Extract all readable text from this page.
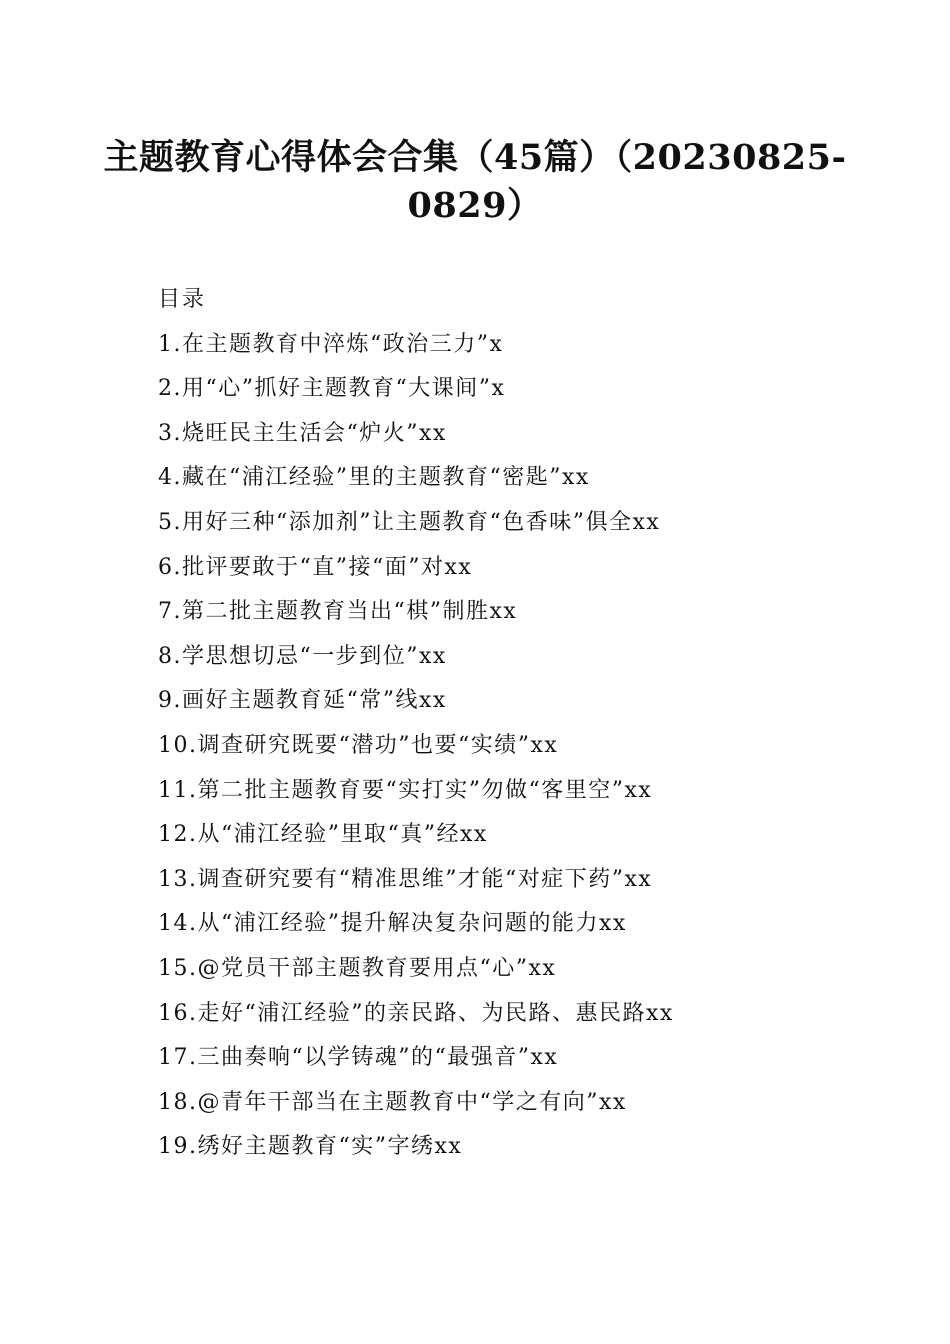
主题教育心得体会合集（45篇）（20230825-0829）
目录
1.在主题教育中淬炼“政治三力”x
2.用“心”抓好主题教育“大课间”x
3.烧旺民主生活会“炉火”xx
4.藏在“浦江经验”里的主题教育“密匙”xx
5.用好三种“添加剂”让主题教育“色香味”俱全xx
6.批评要敢于“直”接“面”对xx
7.第二批主题教育当出“棋”制胜xx
8.学思想切忌“一步到位”xx
9.画好主题教育延“常”线xx
10.调查研究既要“潜功”也要“实绩”xx
11.第二批主题教育要“实打实”勿做“客里空”xx
12.从“浦江经验”里取“真”经xx
13.调查研究要有“精准思维”才能“对症下药”xx
14.从“浦江经验”提升解决复杂问题的能力xx
15.@党员干部主题教育要用点“心”xx
16.走好“浦江经验”的亲民路、为民路、惠民路xx
17.三曲奏响“以学铸魂”的“最强音”xx
18.@青年干部当在主题教育中“学之有向”xx
19.绣好主题教育“实”字绣xx
